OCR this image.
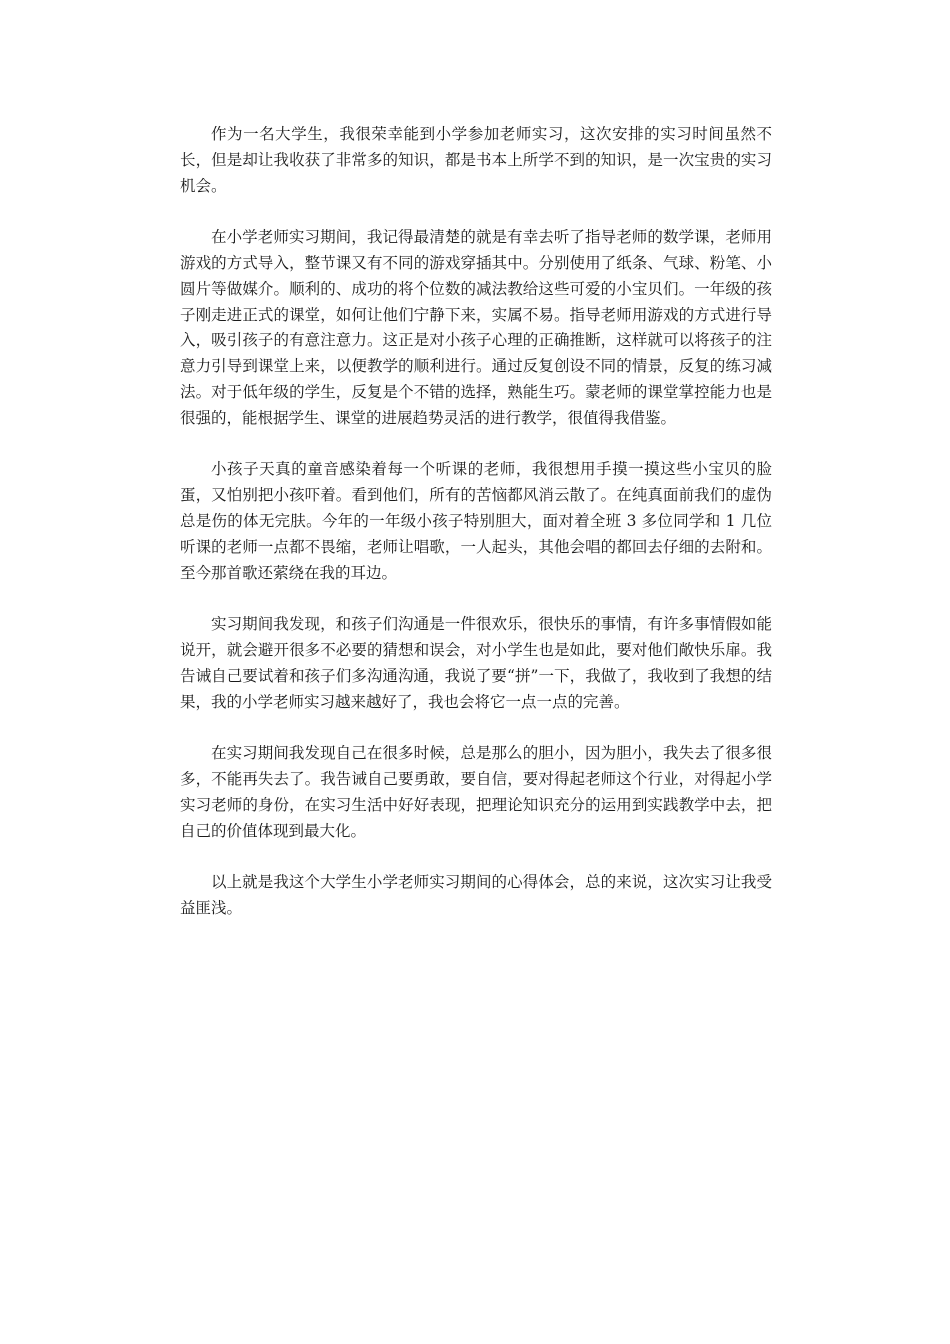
作为一名大学生，我很荣幸能到小学参加老师实习，这次安排的实习时间虽然不长，但是却让我收获了非常多的知识，都是书本上所学不到的知识，是一次宝贵的实习机会。

在小学老师实习期间，我记得最清楚的就是有幸去听了指导老师的数学课，老师用游戏的方式导入，整节课又有不同的游戏穿插其中。分别使用了纸条、气球、粉笔、小圆片等做媒介。顺利的、成功的将个位数的减法教给这些可爱的小宝贝们。一年级的孩子刚走进正式的课堂，如何让他们宁静下来，实属不易。指导老师用游戏的方式进行导入，吸引孩子的有意注意力。这正是对小孩子心理的正确推断，这样就可以将孩子的注意力引导到课堂上来，以便教学的顺利进行。通过反复创设不同的情景，反复的练习减法。对于低年级的学生，反复是个不错的选择，熟能生巧。蒙老师的课堂掌控能力也是很强的，能根据学生、课堂的进展趋势灵活的进行教学，很值得我借鉴。

小孩子天真的童音感染着每一个听课的老师，我很想用手摸一摸这些小宝贝的脸蛋，又怕别把小孩吓着。看到他们，所有的苦恼都风消云散了。在纯真面前我们的虚伪总是伤的体无完肤。今年的一年级小孩子特别胆大，面对着全班 3 多位同学和 1 几位听课的老师一点都不畏缩，老师让唱歌，一人起头，其他会唱的都回去仔细的去附和。至今那首歌还萦绕在我的耳边。

实习期间我发现，和孩子们沟通是一件很欢乐，很快乐的事情，有许多事情假如能说开，就会避开很多不必要的猜想和误会，对小学生也是如此，要对他们敞快乐扉。我告诫自己要试着和孩子们多沟通沟通，我说了要“拼”一下，我做了，我收到了我想的结果，我的小学老师实习越来越好了，我也会将它一点一点的完善。

在实习期间我发现自己在很多时候，总是那么的胆小，因为胆小，我失去了很多很多，不能再失去了。我告诫自己要勇敢，要自信，要对得起老师这个行业，对得起小学实习老师的身份，在实习生活中好好表现，把理论知识充分的运用到实践教学中去，把自己的价值体现到最大化。

以上就是我这个大学生小学老师实习期间的心得体会，总的来说，这次实习让我受益匪浅。
